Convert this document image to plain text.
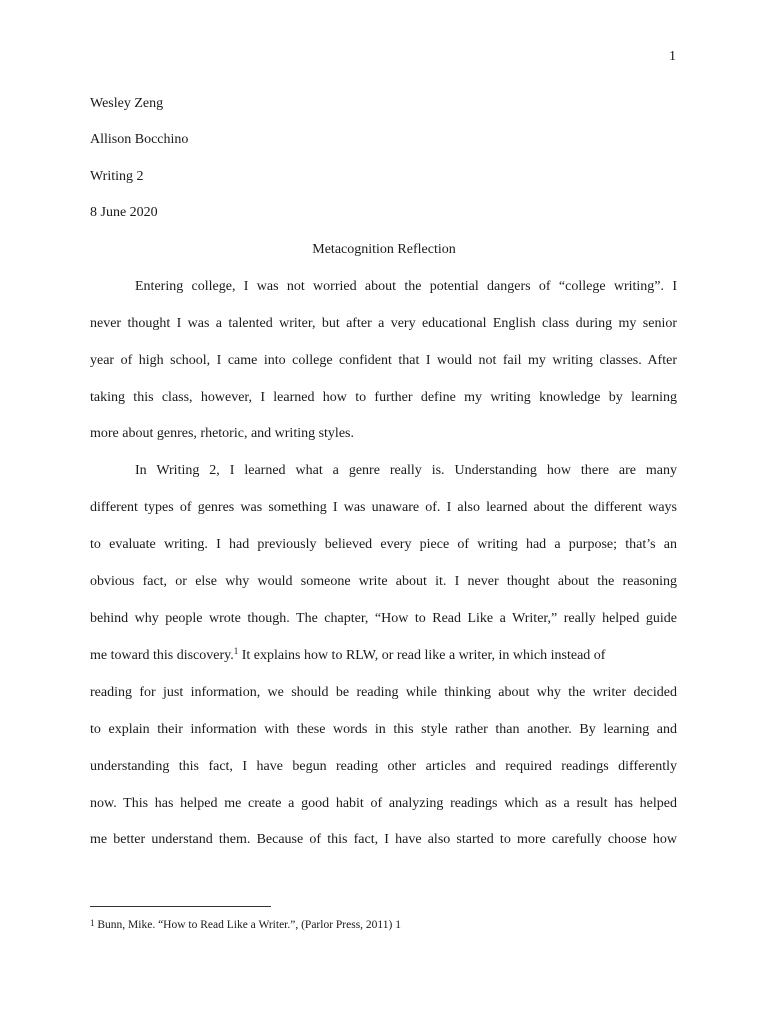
1
Wesley Zeng
Allison Bocchino
Writing 2
8 June 2020
Metacognition Reflection
Entering college, I was not worried about the potential dangers of “college writing”. I
never thought I was a talented writer, but after a very educational English class during my senior
year of high school, I came into college confident that I would not fail my writing classes. After
taking this class, however, I learned how to further define my writing knowledge by learning
more about genres, rhetoric, and writing styles.
In Writing 2, I learned what a genre really is. Understanding how there are many
different types of genres was something I was unaware of. I also learned about the different ways
to evaluate writing. I had previously believed every piece of writing had a purpose; that’s an
obvious fact, or else why would someone write about it. I never thought about the reasoning
behind why people wrote though. The chapter, “How to Read Like a Writer,” really helped guide
me toward this discovery.$^1$ It explains how to RLW, or read like a writer, in which instead of
reading for just information, we should be reading while thinking about why the writer decided
to explain their information with these words in this style rather than another. By learning and
understanding this fact, I have begun reading other articles and required readings differently
now. This has helped me create a good habit of analyzing readings which as a result has helped
me better understand them. Because of this fact, I have also started to more carefully choose how
1 Bunn, Mike. “How to Read Like a Writer.”, (Parlor Press, 2011) 1
